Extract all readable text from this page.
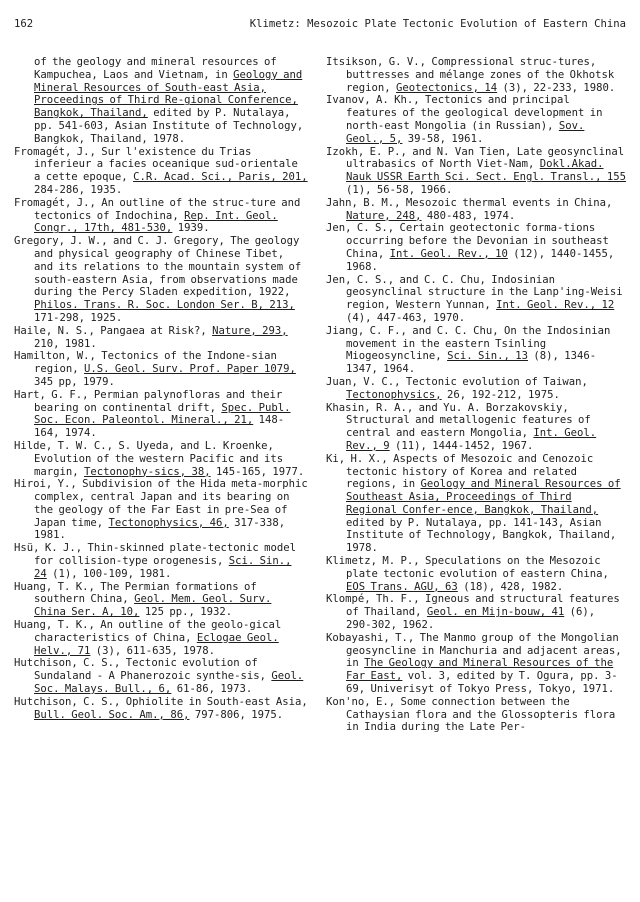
162	Klimetz: Mesozoic Plate Tectonic Evolution of Eastern China

of the geology and mineral resources of Kampuchea, Laos and Vietnam, in Geology and Mineral Resources of South-east Asia, Proceedings of Third Re-gional Conference, Bangkok, Thailand, edited by P. Nutalaya, pp. 541-603, Asian Institute of Technology, Bangkok, Thailand, 1978.

Fromagét, J., Sur l'existence du Trias inferieur a facies oceanique sud-orientale a cette epoque, C.R. Acad. Sci., Paris, 201, 284-286, 1935.

Fromagét, J., An outline of the struc-ture and tectonics of Indochina, Rep. Int. Geol. Congr., 17th, 481-530, 1939.

Gregory, J. W., and C. J. Gregory, The geology and physical geography of Chinese Tibet, and its relations to the mountain system of south-eastern Asia, from observations made during the Percy Sladen expedition, 1922, Philos. Trans. R. Soc. London Ser. B, 213, 171-298, 1925.

Haile, N. S., Pangaea at Risk?, Nature, 293, 210, 1981.

Hamilton, W., Tectonics of the Indone-sian region, U.S. Geol. Surv. Prof. Paper 1079, 345 pp, 1979.

Hart, G. F., Permian palynofloras and their bearing on continental drift, Spec. Publ. Soc. Econ. Paleontol. Mineral., 21, 148-164, 1974.

Hilde, T. W. C., S. Uyeda, and L. Kroenke, Evolution of the western Pacific and its margin, Tectonophy-sics, 38, 145-165, 1977.

Hiroi, Y., Subdivision of the Hida meta-morphic complex, central Japan and its bearing on the geology of the Far East in pre-Sea of Japan time, Tectonophysics, 46, 317-338, 1981.

Hsü, K. J., Thin-skinned plate-tectonic model for collision-type orogenesis, Sci. Sin., 24 (1), 100-109, 1981.

Huang, T. K., The Permian formations of southern China, Geol. Mem. Geol. Surv. China Ser. A, 10, 125 pp., 1932.

Huang, T. K., An outline of the geolo-gical characteristics of China, Eclogae Geol. Helv., 71 (3), 611-635, 1978.

Hutchison, C. S., Tectonic evolution of Sundaland - A Phanerozoic synthe-sis, Geol. Soc. Malays. Bull., 6, 61-86, 1973.

Hutchison, C. S., Ophiolite in South-east Asia, Bull. Geol. Soc. Am., 86, 797-806, 1975.

Itsikson, G. V., Compressional struc-tures, buttresses and mélange zones of the Okhotsk region, Geotectonics, 14 (3), 22-233, 1980.

Ivanov, A. Kh., Tectonics and principal features of the geological development in north-east Mongolia (in Russian), Sov. Geol., 5, 39-58, 1961.

Izokh, E. P., and N. Van Tien, Late geosynclinal ultrabasics of North Viet-Nam, Dokl.Akad. Nauk USSR Earth Sci. Sect. Engl. Transl., 155 (1), 56-58, 1966.

Jahn, B. M., Mesozoic thermal events in China, Nature, 248, 480-483, 1974.

Jen, C. S., Certain geotectonic forma-tions occurring before the Devonian in southeast China, Int. Geol. Rev., 10 (12), 1440-1455, 1968.

Jen, C. S., and C. C. Chu, Indosinian geosynclinal structure in the Lanp'ing-Weisi region, Western Yunnan, Int. Geol. Rev., 12 (4), 447-463, 1970.

Jiang, C. F., and C. C. Chu, On the Indosinian movement in the eastern Tsinling Miogeosyncline, Sci. Sin., 13 (8), 1346-1347, 1964.

Juan, V. C., Tectonic evolution of Taiwan, Tectonophysics, 26, 192-212, 1975.

Khasin, R. A., and Yu. A. Borzakovskiy, Structural and metallogenic features of central and eastern Mongolia, Int. Geol. Rev., 9 (11), 1444-1452, 1967.

Ki, H. X., Aspects of Mesozoic and Cenozoic tectonic history of Korea and related regions, in Geology and Mineral Resources of Southeast Asia, Proceedings of Third Regional Confer-ence, Bangkok, Thailand, edited by P. Nutalaya, pp. 141-143, Asian Institute of Technology, Bangkok, Thailand, 1978.

Klimetz, M. P., Speculations on the Mesozoic plate tectonic evolution of eastern China, EOS Trans. AGU, 63 (18), 428, 1982.

Klompé, Th. F., Igneous and structural features of Thailand, Geol. en Mijn-bouw, 41 (6), 290-302, 1962.

Kobayashi, T., The Manmo group of the Mongolian geosyncline in Manchuria and adjacent areas, in The Geology and Mineral Resources of the Far East, vol. 3, edited by T. Ogura, pp. 3-69, Univerisyt of Tokyo Press, Tokyo, 1971.

Kon'no, E., Some connection between the Cathaysian flora and the Glossopteris flora in India during the Late Per-
